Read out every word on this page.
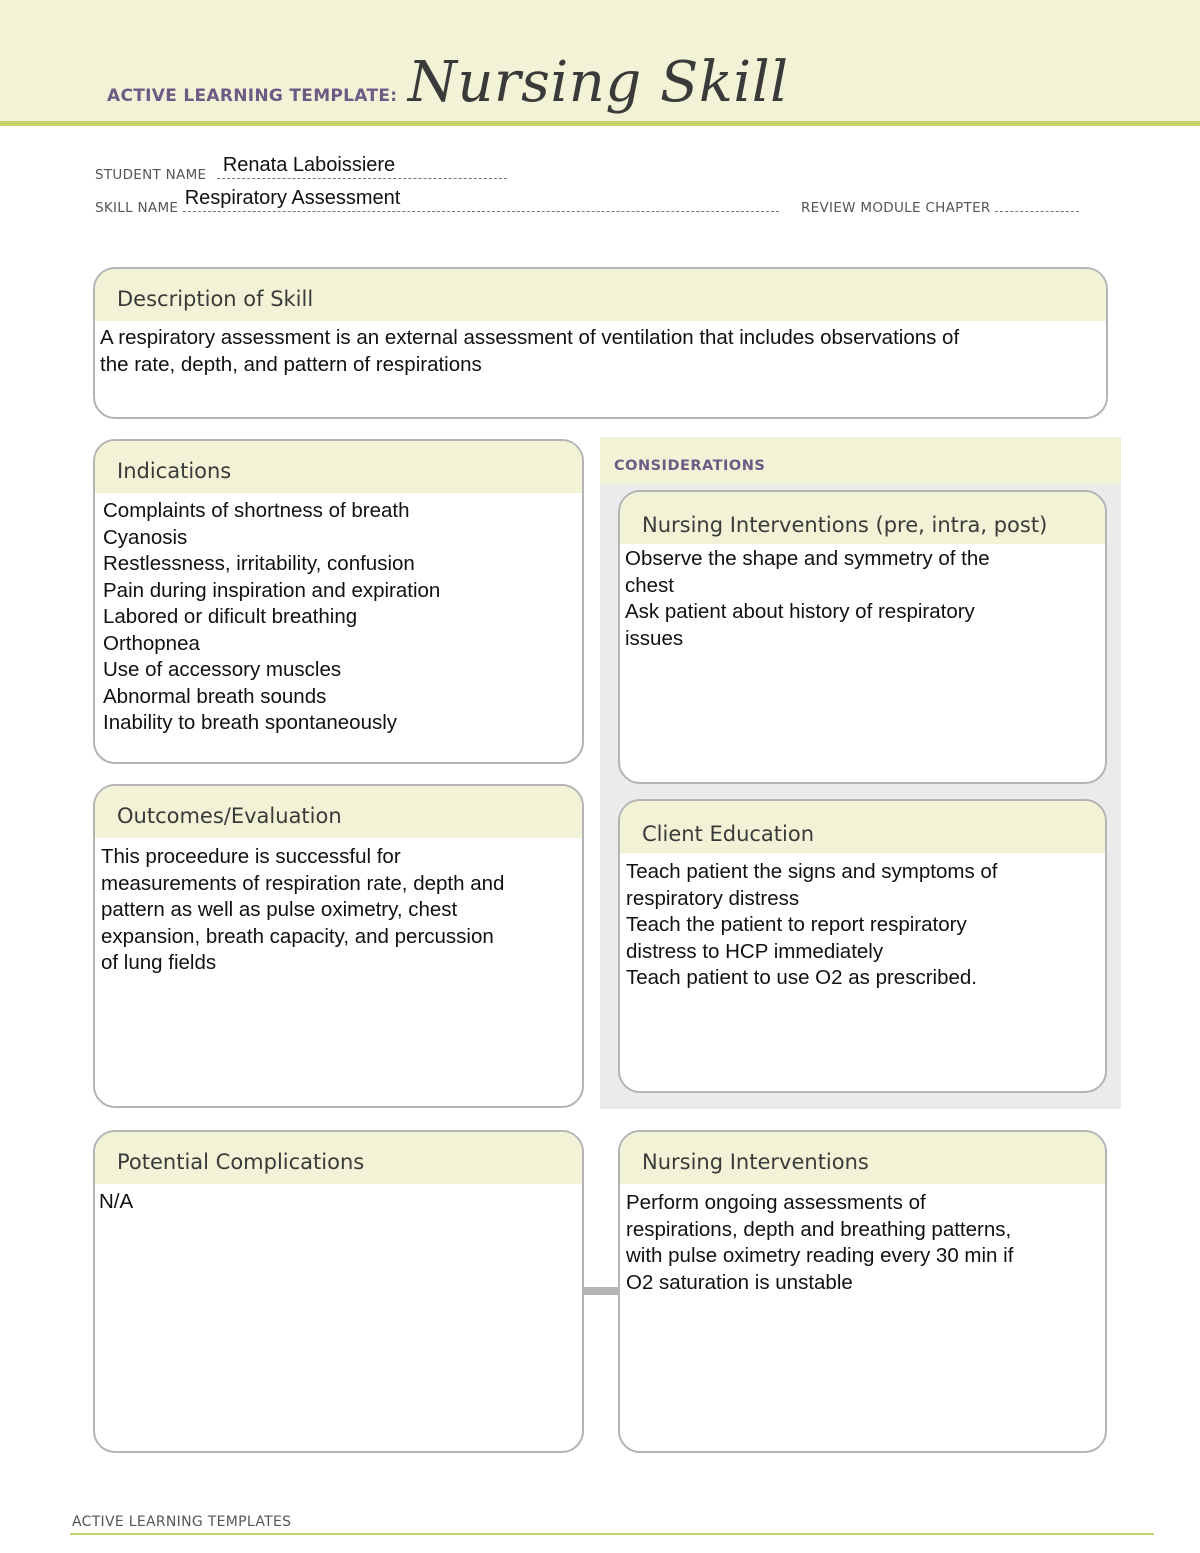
ACTIVE LEARNING TEMPLATE: Nursing Skill
STUDENT NAME Renata Laboissiere
SKILL NAME Respiratory Assessment	REVIEW MODULE CHAPTER
Description of Skill
A respiratory assessment is an external assessment of ventilation that includes observations of
the rate, depth, and pattern of respirations
CONSIDERATIONS
Indications
Complaints of shortness of breath
Cyanosis
Restlessness, irritability, confusion
Pain during inspiration and expiration
Labored or dificult breathing
Orthopnea
Use of accessory muscles
Abnormal breath sounds
Inability to breath spontaneously
Nursing Interventions (pre, intra, post)
Observe the shape and symmetry of the
chest
Ask patient about history of respiratory
issues
Outcomes/Evaluation
This proceedure is successful for
measurements of respiration rate, depth and
pattern as well as pulse oximetry, chest
expansion, breath capacity, and percussion
of lung fields
Client Education
Teach patient the signs and symptoms of
respiratory distress
Teach the patient to report respiratory
distress to HCP immediately
Teach patient to use O2 as prescribed.
Potential Complications
N/A
Nursing Interventions
Perform ongoing assessments of
respirations, depth and breathing patterns,
with pulse oximetry reading every 30 min if
O2 saturation is unstable
ACTIVE LEARNING TEMPLATES
